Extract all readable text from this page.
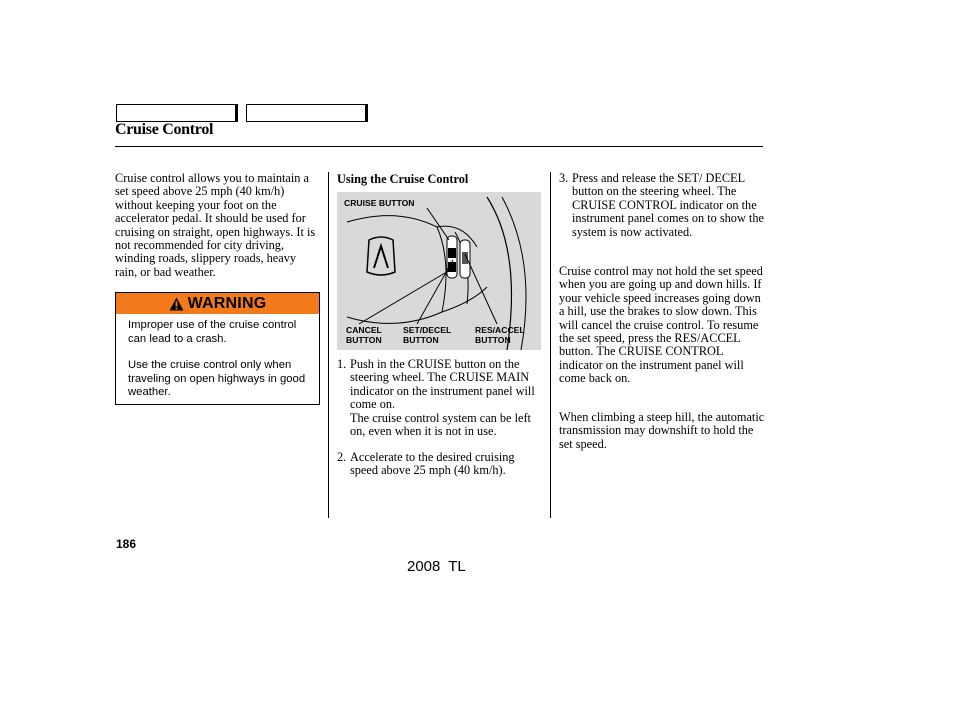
Cruise Control

Cruise control allows you to maintain a set speed above 25 mph (40 km/h) without keeping your foot on the accelerator pedal. It should be used for cruising on straight, open highways. It is not recommended for city driving, winding roads, slippery roads, heavy rain, or bad weather.

WARNING

Improper use of the cruise control can lead to a crash.

Use the cruise control only when traveling on open highways in good weather.

Using the Cruise Control
CRUISE BUTTON
CANCEL BUTTON
SET/DECEL BUTTON
RES/ACCEL BUTTON
1. Push in the CRUISE button on the steering wheel. The CRUISE MAIN indicator on the instrument panel will come on.

The cruise control system can be left on, even when it is not in use.

2. Accelerate to the desired cruising speed above 25 mph (40 km/h).

3. Press and release the SET/ DECEL button on the steering wheel. The CRUISE CONTROL indicator on the instrument panel comes on to show the system is now activated.

Cruise control may not hold the set speed when you are going up and down hills. If your vehicle speed increases going down a hill, use the brakes to slow down. This will cancel the cruise control. To resume the set speed, press the RES/ACCEL button. The CRUISE CONTROL indicator on the instrument panel will come back on.

When climbing a steep hill, the automatic transmission may downshift to hold the set speed.

186
2008 TL
